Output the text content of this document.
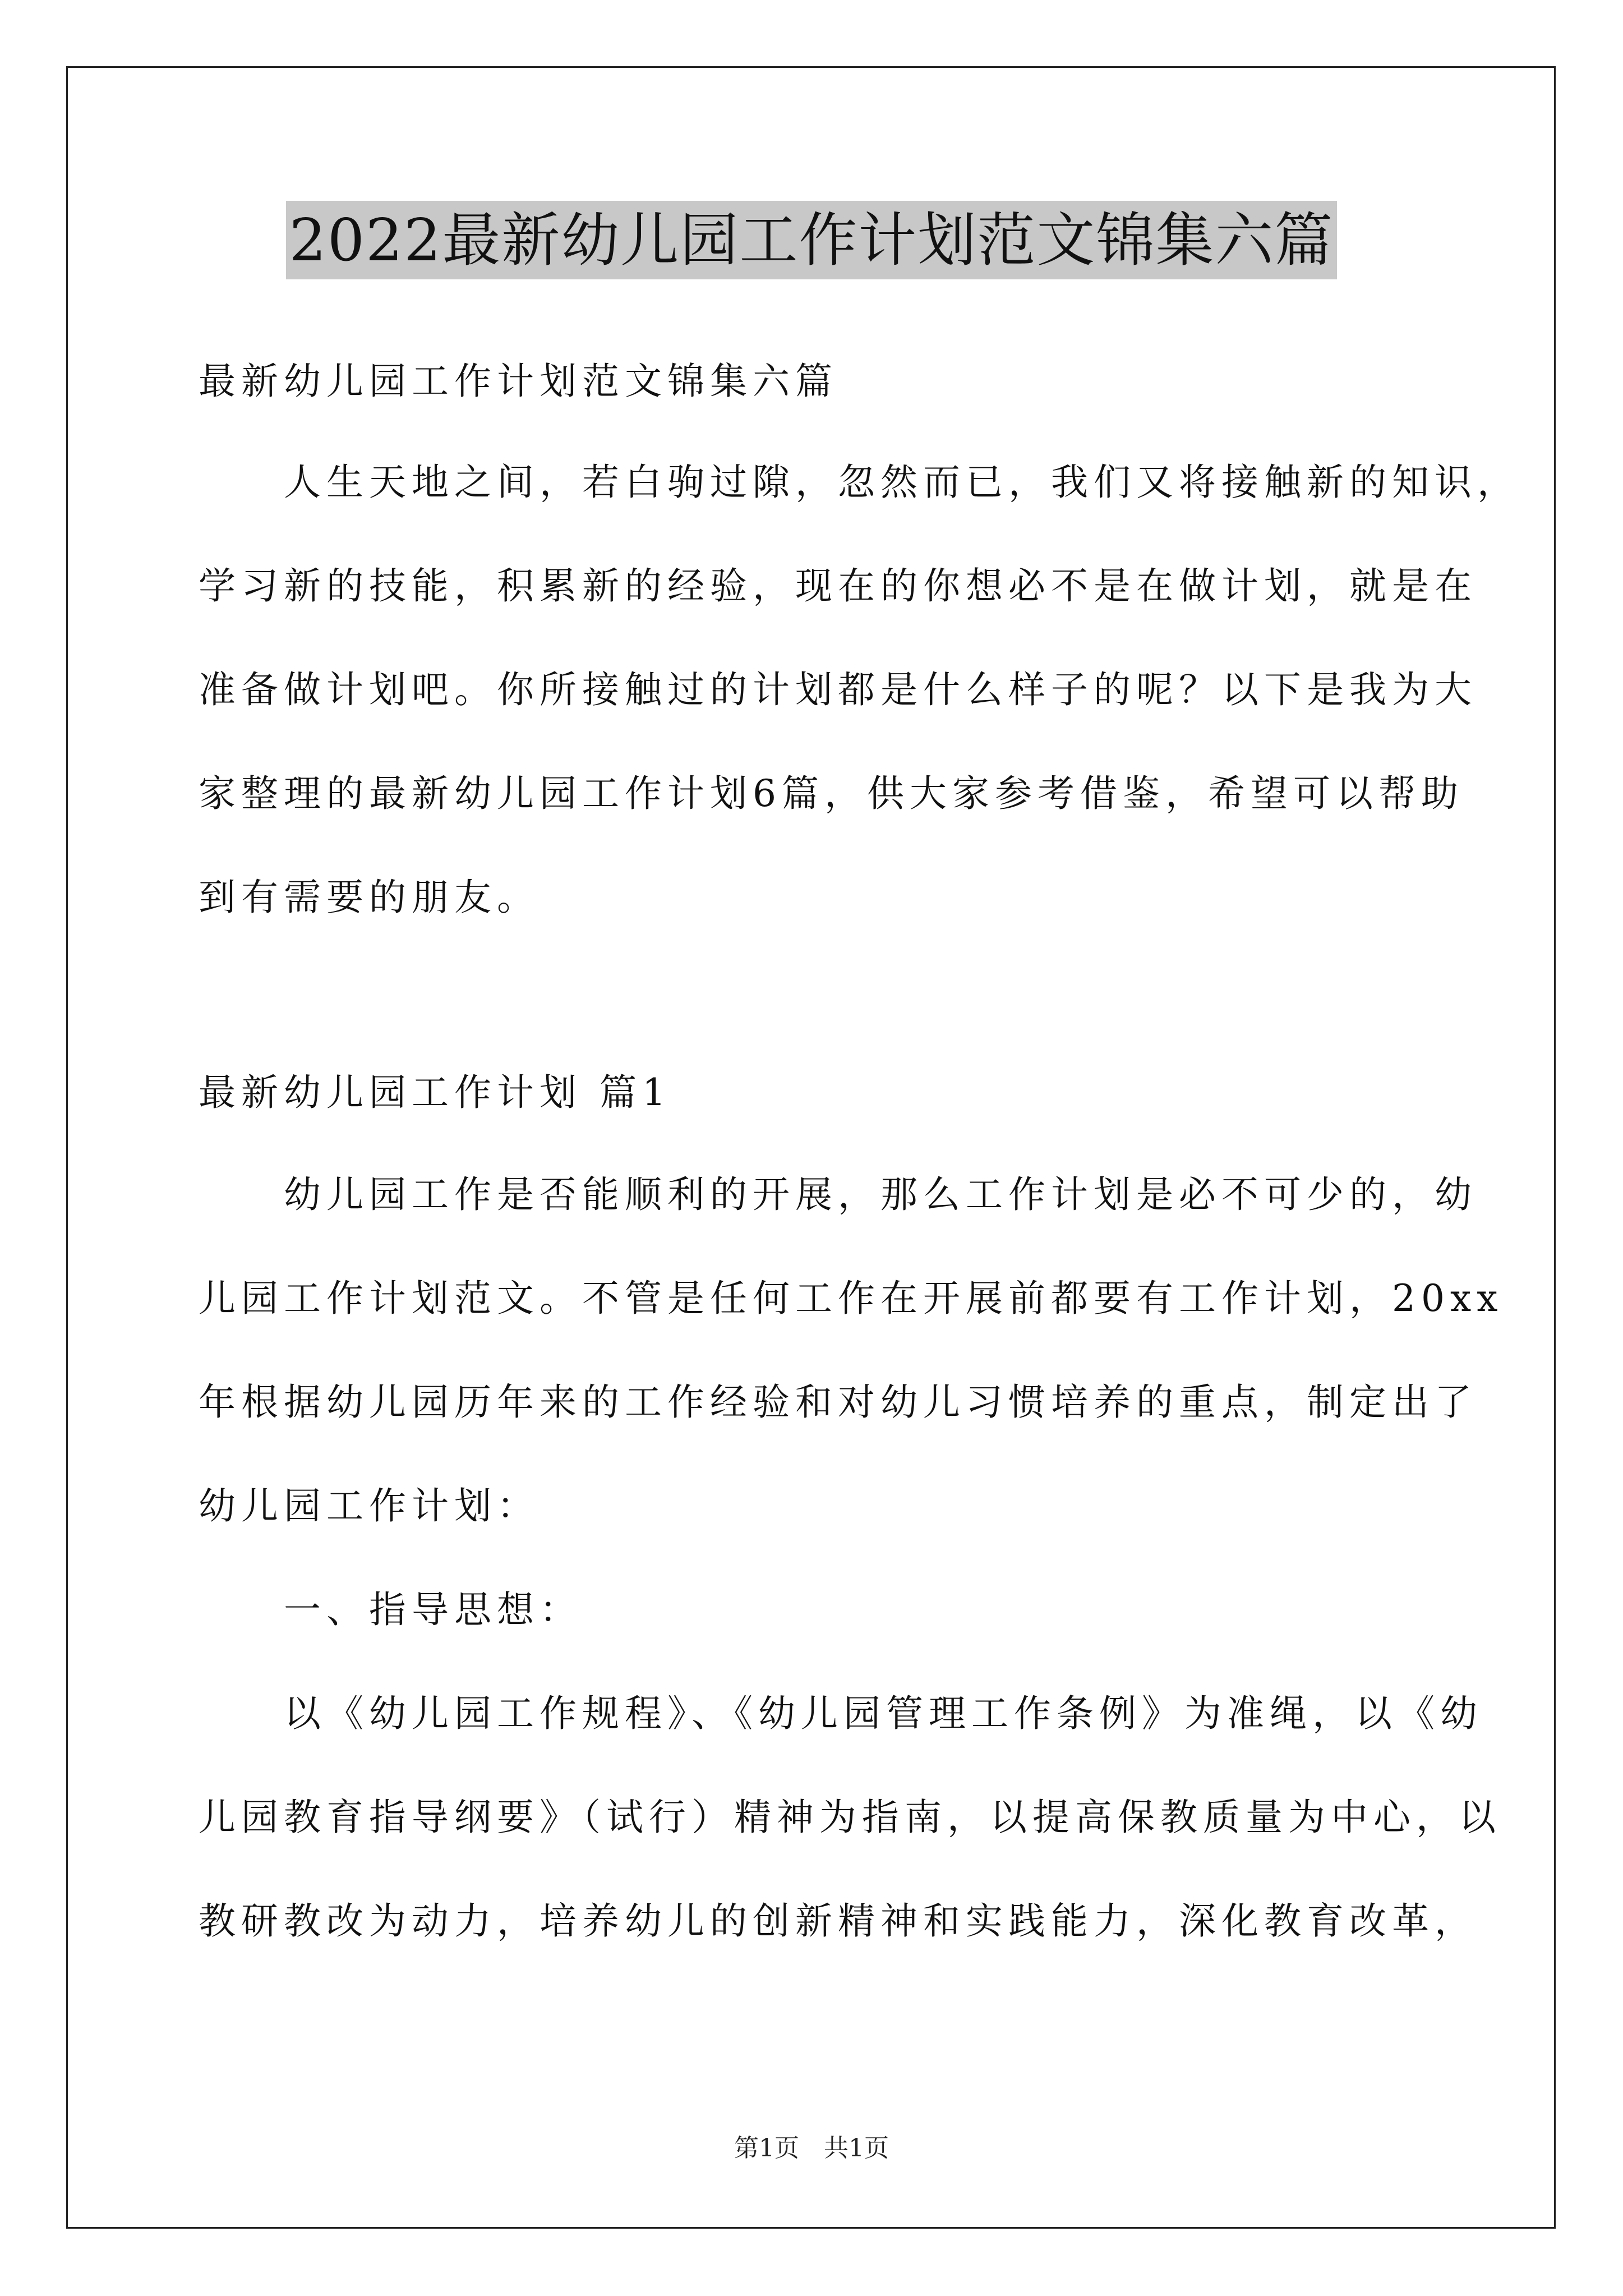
2022最新幼儿园工作计划范文锦集六篇
最新幼儿园工作计划范文锦集六篇
　　人生天地之间，若白驹过隙，忽然而已，我们又将接触新的知识，
学习新的技能，积累新的经验，现在的你想必不是在做计划，就是在
准备做计划吧。你所接触过的计划都是什么样子的呢？以下是我为大
家整理的最新幼儿园工作计划6篇，供大家参考借鉴，希望可以帮助
到有需要的朋友。
最新幼儿园工作计划 篇1
　　幼儿园工作是否能顺利的开展，那么工作计划是必不可少的，幼
儿园工作计划范文。不管是任何工作在开展前都要有工作计划，20xx
年根据幼儿园历年来的工作经验和对幼儿习惯培养的重点，制定出了
幼儿园工作计划：
　　一、指导思想：
　　以《幼儿园工作规程》、《幼儿园管理工作条例》为准绳，以《幼
儿园教育指导纲要》（试行）精神为指南，以提高保教质量为中心，以
教研教改为动力，培养幼儿的创新精神和实践能力，深化教育改革，
第1页　共1页
